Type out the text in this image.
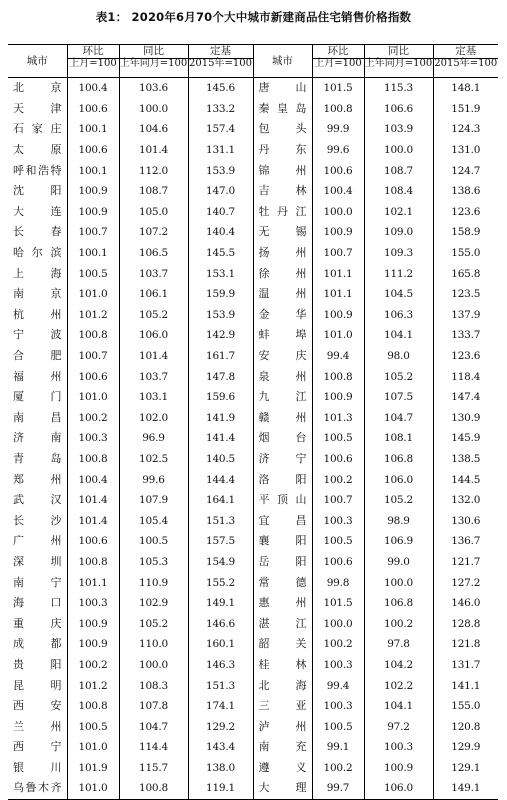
表1： 2020年6月70个大中城市新建商品住宅销售价格指数
城市	环比	同比	定基	城市	环比	同比	定基
	上月=100	上年同月=100	2015年=100		上月=100	上年同月=100	2015年=100
北　京	100.4	103.6	145.6	唐　山	101.5	115.3	148.1
天　津	100.6	100.0	133.2	秦皇岛	100.8	106.6	151.9
石家庄	100.1	104.6	157.4	包　头	99.9	103.9	124.3
太　原	100.6	101.4	131.1	丹　东	99.6	100.0	131.0
呼和浩特	100.1	112.0	153.9	锦　州	100.6	108.7	124.7
沈　阳	100.9	108.7	147.0	吉　林	100.4	108.4	138.6
大　连	100.9	105.0	140.7	牡丹江	100.0	102.1	123.6
长　春	100.7	107.2	140.4	无　锡	100.9	109.0	158.9
哈尔滨	100.1	106.5	145.5	扬　州	100.7	109.3	155.0
上　海	100.5	103.7	153.1	徐　州	101.1	111.2	165.8
南　京	101.0	106.1	159.9	温　州	101.1	104.5	123.5
杭　州	101.2	105.2	153.9	金　华	100.9	106.3	137.9
宁　波	100.8	106.0	142.9	蚌　埠	101.0	104.1	133.7
合　肥	100.7	101.4	161.7	安　庆	99.4	98.0	123.6
福　州	100.6	103.7	147.8	泉　州	100.8	105.2	118.4
厦　门	101.0	103.1	159.6	九　江	100.9	107.5	147.4
南　昌	100.2	102.0	141.9	赣　州	101.3	104.7	130.9
济　南	100.3	96.9	141.4	烟　台	100.5	108.1	145.9
青　岛	100.8	102.5	140.5	济　宁	100.6	106.8	138.5
郑　州	100.4	99.6	144.4	洛　阳	100.2	106.0	144.5
武　汉	101.4	107.9	164.1	平顶山	100.7	105.2	132.0
长　沙	101.4	105.4	151.3	宜　昌	100.3	98.9	130.6
广　州	100.6	100.5	157.5	襄　阳	100.5	106.9	136.7
深　圳	100.8	105.3	154.9	岳　阳	100.6	99.0	121.7
南　宁	101.1	110.9	155.2	常　德	99.8	100.0	127.2
海　口	100.3	102.9	149.1	惠　州	101.5	106.8	146.0
重　庆	100.9	105.2	146.6	湛　江	100.0	100.2	128.8
成　都	100.9	110.0	160.1	韶　关	100.2	97.8	121.8
贵　阳	100.2	100.0	146.3	桂　林	100.3	104.2	131.7
昆　明	101.2	108.3	151.3	北　海	99.4	102.2	141.1
西　安	100.8	107.8	174.1	三　亚	100.3	104.1	155.0
兰　州	100.5	104.7	129.2	泸　州	100.5	97.2	120.8
西　宁	101.0	114.4	143.4	南　充	99.1	100.3	129.9
银　川	101.9	115.7	138.0	遵　义	100.2	100.9	129.1
乌鲁木齐	101.0	100.8	119.1	大　理	99.7	106.0	149.1
